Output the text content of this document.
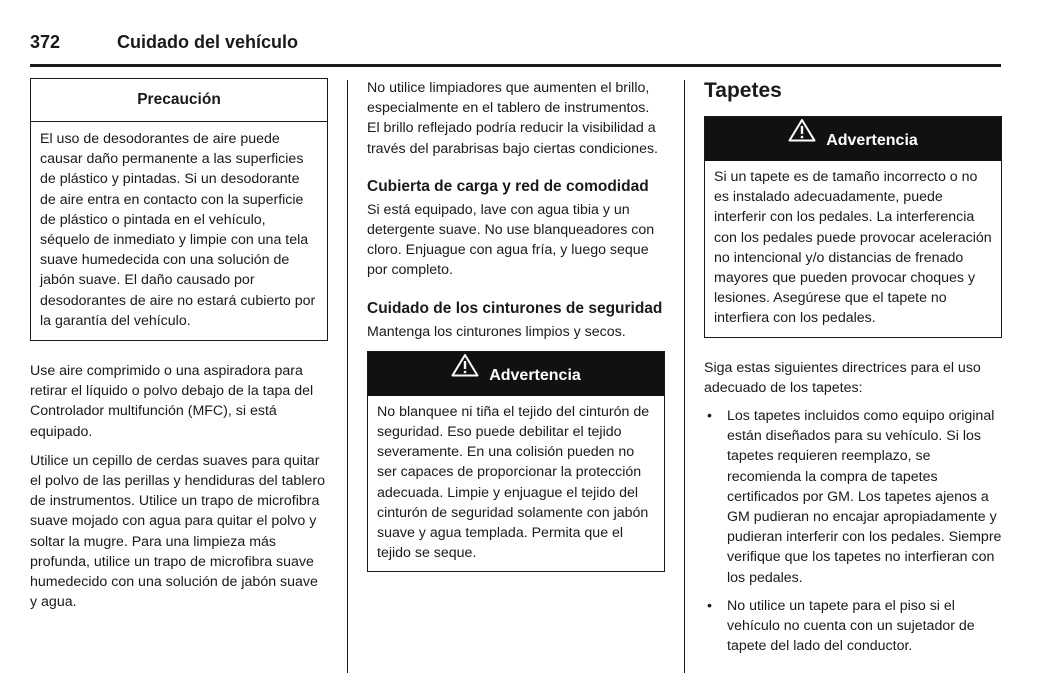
372	Cuidado del vehículo
Precaución

El uso de desodorantes de aire puede causar daño permanente a las superficies de plástico y pintadas. Si un desodorante de aire entra en contacto con la superficie de plástico o pintada en el vehículo, séquelo de inmediato y limpie con una tela suave humedecida con una solución de jabón suave. El daño causado por desodorantes de aire no estará cubierto por la garantía del vehículo.

Use aire comprimido o una aspiradora para retirar el líquido o polvo debajo de la tapa del Controlador multifunción (MFC), si está equipado.

Utilice un cepillo de cerdas suaves para quitar el polvo de las perillas y hendiduras del tablero de instrumentos. Utilice un trapo de microfibra suave mojado con agua para quitar el polvo y soltar la mugre. Para una limpieza más profunda, utilice un trapo de microfibra suave humedecido con una solución de jabón suave y agua.

No utilice limpiadores que aumenten el brillo, especialmente en el tablero de instrumentos. El brillo reflejado podría reducir la visibilidad a través del parabrisas bajo ciertas condiciones.

Cubierta de carga y red de comodidad

Si está equipado, lave con agua tibia y un detergente suave. No use blanqueadores con cloro. Enjuague con agua fría, y luego seque por completo.

Cuidado de los cinturones de seguridad

Mantenga los cinturones limpios y secos.

Advertencia

No blanquee ni tiña el tejido del cinturón de seguridad. Eso puede debilitar el tejido severamente. En una colisión pueden no ser capaces de proporcionar la protección adecuada. Limpie y enjuague el tejido del cinturón de seguridad solamente con jabón suave y agua templada. Permita que el tejido se seque.

Tapetes
Advertencia

Si un tapete es de tamaño incorrecto o no es instalado adecuadamente, puede interferir con los pedales. La interferencia con los pedales puede provocar aceleración no intencional y/o distancias de frenado mayores que pueden provocar choques y lesiones. Asegúrese que el tapete no interfiera con los pedales.

Siga estas siguientes directrices para el uso adecuado de los tapetes:

• Los tapetes incluidos como equipo original están diseñados para su vehículo. Si los tapetes requieren reemplazo, se recomienda la compra de tapetes certificados por GM. Los tapetes ajenos a GM pudieran no encajar apropiadamente y pudieran interferir con los pedales. Siempre verifique que los tapetes no interfieran con los pedales.
• No utilice un tapete para el piso si el vehículo no cuenta con un sujetador de tapete del lado del conductor.
